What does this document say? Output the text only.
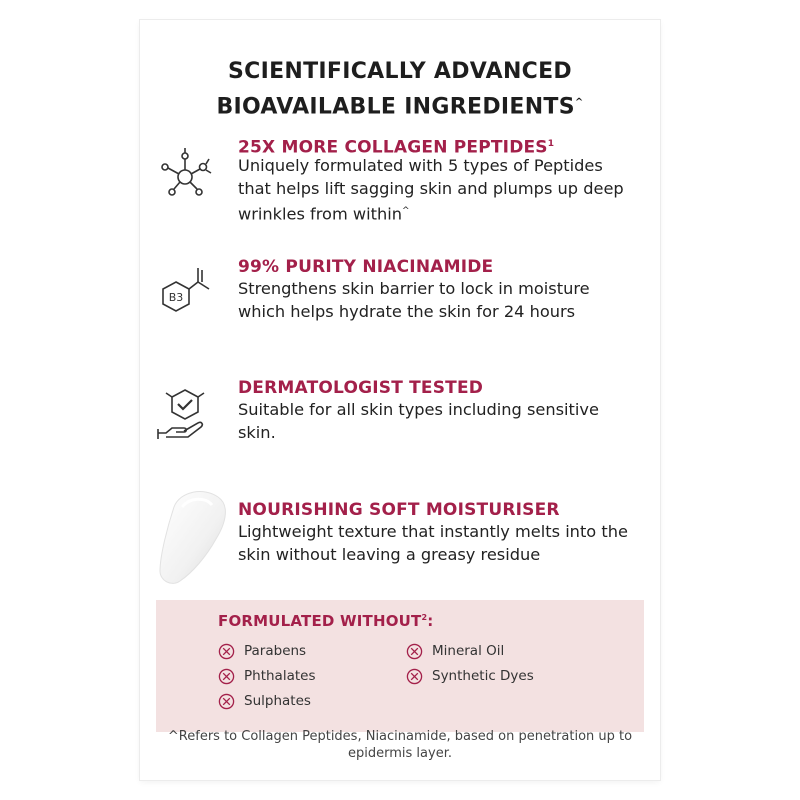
SCIENTIFICALLY ADVANCED
BIOAVAILABLE INGREDIENTS^
25X MORE COLLAGEN PEPTIDES$^1$
Uniquely formulated with 5 types of Peptides that helps lift sagging skin and plumps up deep wrinkles from within^
B3
99% PURITY NIACINAMIDE
Strengthens skin barrier to lock in moisture which helps hydrate the skin for 24 hours
DERMATOLOGIST TESTED
Suitable for all skin types including sensitive skin.
NOURISHING SOFT MOISTURISER
Lightweight texture that instantly melts into the skin without leaving a greasy residue
FORMULATED WITHOUT$^2$:
Parabens
Phthalates
Sulphates
Mineral Oil
Synthetic Dyes
^Refers to Collagen Peptides, Niacinamide, based on penetration up to epidermis layer.
